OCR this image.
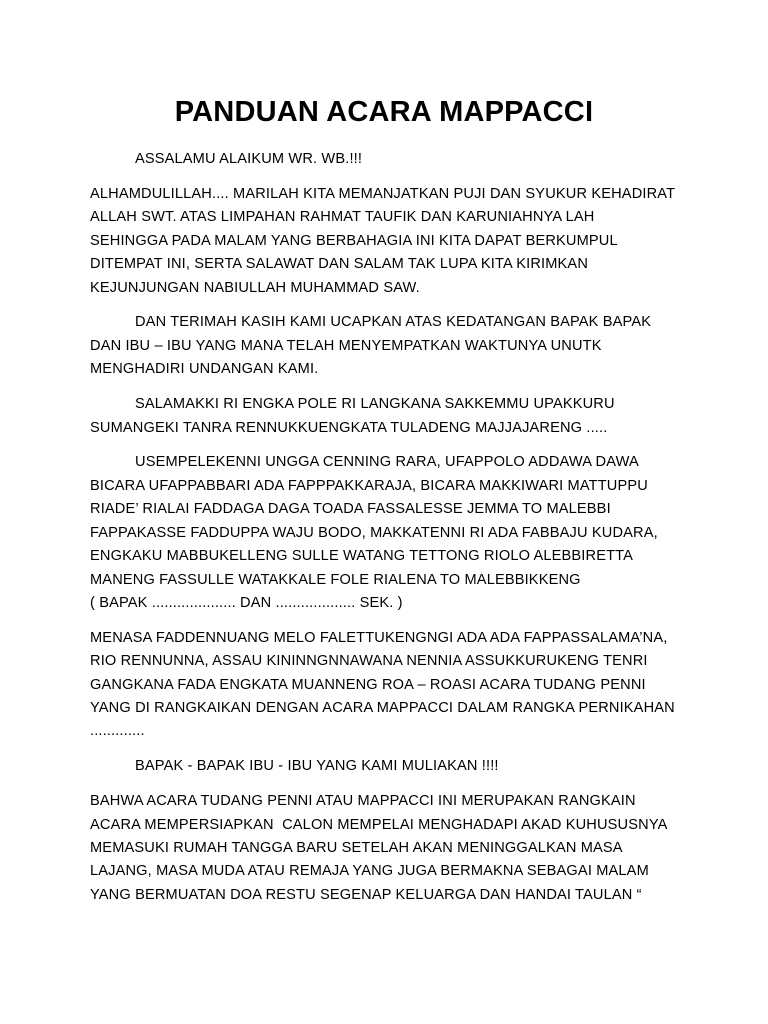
PANDUAN ACARA MAPPACCI
ASSALAMU ALAIKUM WR. WB.!!!
ALHAMDULILLAH.... MARILAH KITA MEMANJATKAN PUJI DAN SYUKUR KEHADIRAT
ALLAH SWT. ATAS LIMPAHAN RAHMAT TAUFIK DAN KARUNIAHNYA LAH
SEHINGGA PADA MALAM YANG BERBAHAGIA INI KITA DAPAT BERKUMPUL
DITEMPAT INI, SERTA SALAWAT DAN SALAM TAK LUPA KITA KIRIMKAN
KEJUNJUNGAN NABIULLAH MUHAMMAD SAW.
DAN TERIMAH KASIH KAMI UCAPKAN ATAS KEDATANGAN BAPAK BAPAK
DAN IBU – IBU YANG MANA TELAH MENYEMPATKAN WAKTUNYA UNUTK
MENGHADIRI UNDANGAN KAMI.
SALAMAKKI RI ENGKA POLE RI LANGKANA SAKKEMMU UPAKKURU
SUMANGEKI TANRA RENNUKKUENGKATA TULADENG MAJJAJARENG .....
USEMPELEKENNI UNGGA CENNING RARA, UFAPPOLO ADDAWA DAWA
BICARA UFAPPABBARI ADA FAPPPAKKARAJA, BICARA MAKKIWARI MATTUPPU
RIADE’ RIALAI FADDAGA DAGA TOADA FASSALESSE JEMMA TO MALEBBI
FAPPAKASSE FADDUPPA WAJU BODO, MAKKATENNI RI ADA FABBAJU KUDARA,
ENGKAKU MABBUKELLENG SULLE WATANG TETTONG RIOLO ALEBBIRETTA
MANENG FASSULLE WATAKKALE FOLE RIALENA TO MALEBBIKKENG
( BAPAK .................... DAN ................... SEK. )
MENASA FADDENNUANG MELO FALETTUKENGNGI ADA ADA FAPPASSALAMA’NA,
RIO RENNUNNA, ASSAU KININNGNNAWANA NENNIA ASSUKKURUKENG TENRI
GANGKANA FADA ENGKATA MUANNENG ROA – ROASI ACARA TUDANG PENNI
YANG DI RANGKAIKAN DENGAN ACARA MAPPACCI DALAM RANGKA PERNIKAHAN
.............
BAPAK - BAPAK IBU - IBU YANG KAMI MULIAKAN !!!!
BAHWA ACARA TUDANG PENNI ATAU MAPPACCI INI MERUPAKAN RANGKAIN
ACARA MEMPERSIAPKAN  CALON MEMPELAI MENGHADAPI AKAD KUHUSUSNYA
MEMASUKI RUMAH TANGGA BARU SETELAH AKAN MENINGGALKAN MASA
LAJANG, MASA MUDA ATAU REMAJA YANG JUGA BERMAKNA SEBAGAI MALAM
YANG BERMUATAN DOA RESTU SEGENAP KELUARGA DAN HANDAI TAULAN “
